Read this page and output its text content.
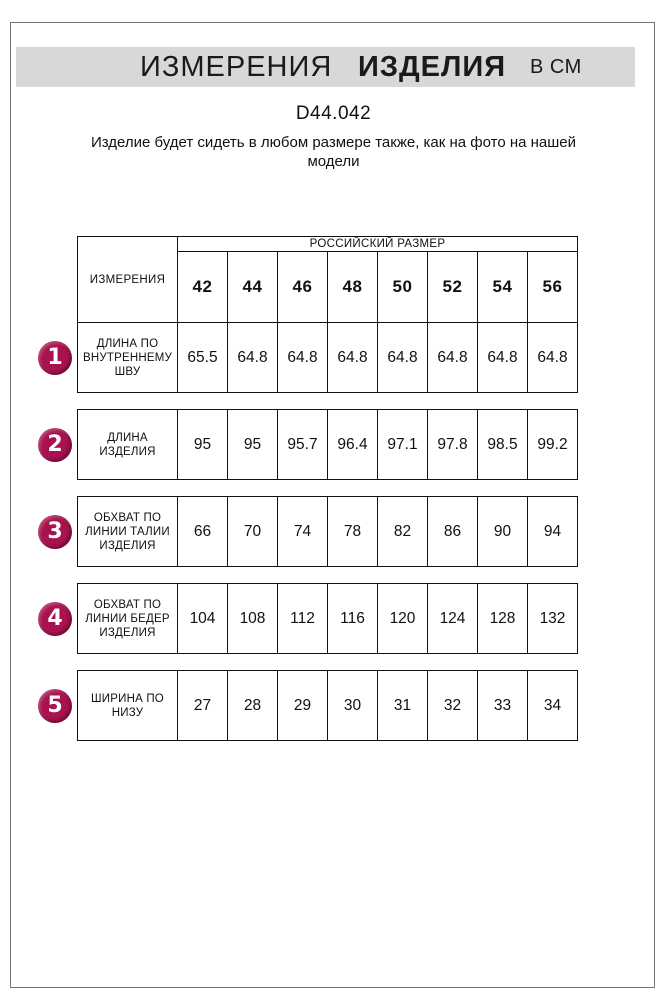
ИЗМЕРЕНИЯ ИЗДЕЛИЯ В СМ
D44.042
Изделие будет сидеть в любом размере также, как на фото на нашей модели
ИЗМЕРЕНИЯ	РОССИЙСКИЙ РАЗМЕР							
	42	44	46	48	50	52	54	56
ДЛИНА ПО ВНУТРЕННЕМУ ШВУ	65.5	64.8	64.8	64.8	64.8	64.8	64.8	64.8

ДЛИНА ИЗДЕЛИЯ	95	95	95.7	96.4	97.1	97.8	98.5	99.2

ОБХВАТ ПО ЛИНИИ ТАЛИИ ИЗДЕЛИЯ	66	70	74	78	82	86	90	94

ОБХВАТ ПО ЛИНИИ БЕДЕР ИЗДЕЛИЯ	104	108	112	116	120	124	128	132

ШИРИНА ПО НИЗУ	27	28	29	30	31	32	33	34
1
2
3
4
5
